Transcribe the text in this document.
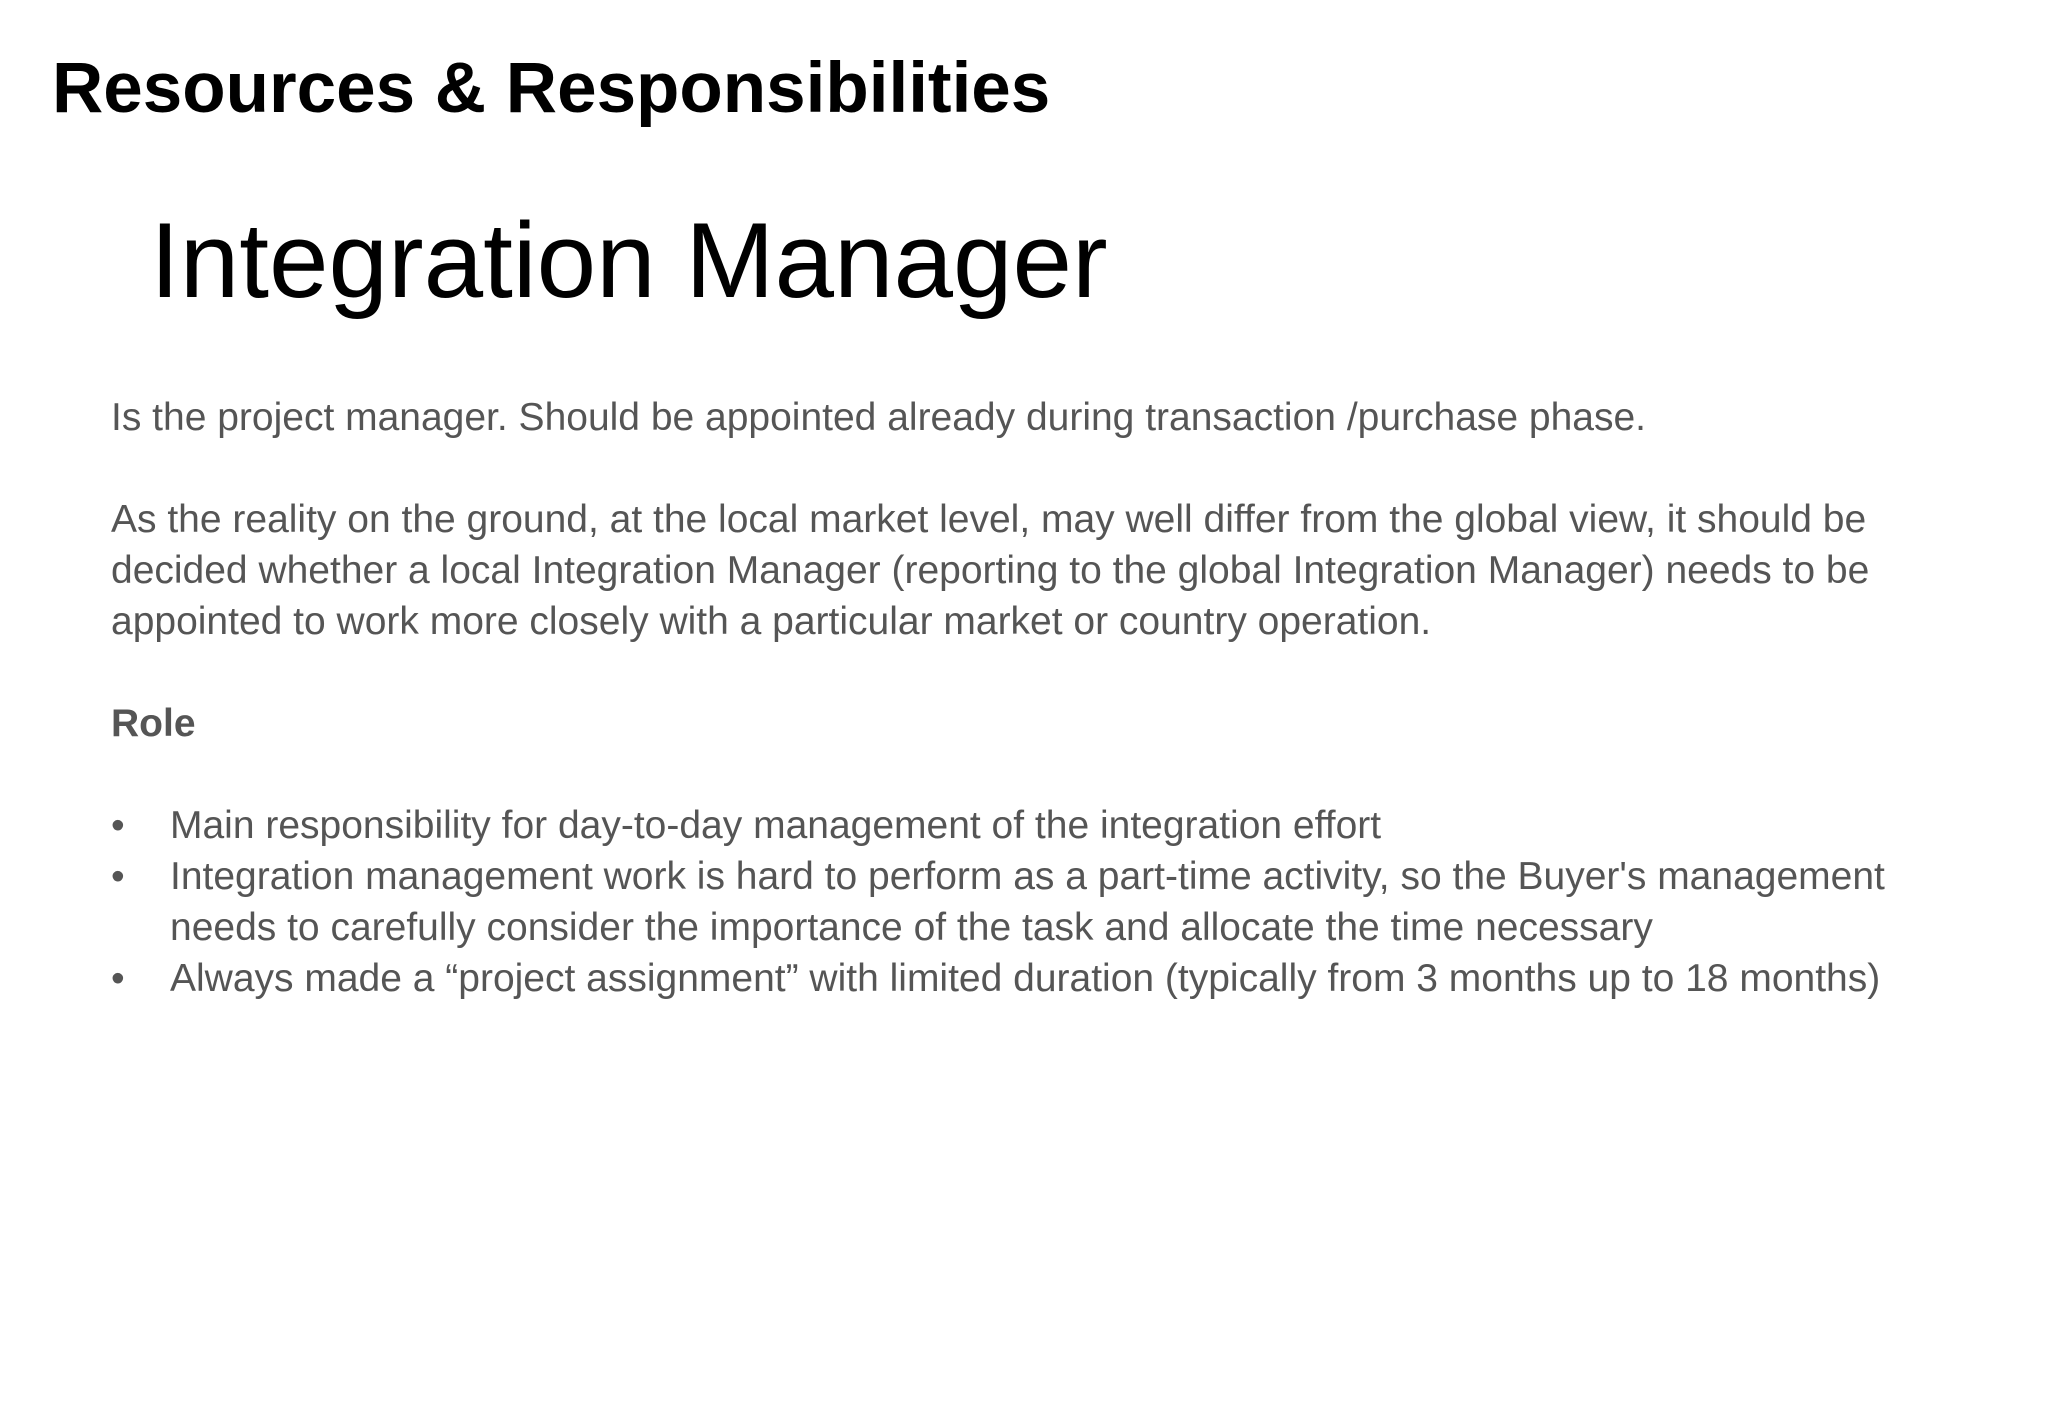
Resources & Responsibilities
Integration Manager

Is the project manager. Should be appointed already during transaction /purchase phase.

As the reality on the ground, at the local market level, may well differ from the global view, it should be decided whether a local Integration Manager (reporting to the global Integration Manager) needs to be appointed to work more closely with a particular market or country operation.

Role

•	Main responsibility for day-to-day management of the integration effort
•	Integration management work is hard to perform as a part-time activity, so the Buyer's management needs to carefully consider the importance of the task and allocate the time necessary
•	Always made a “project assignment” with limited duration (typically from 3 months up to 18 months)
